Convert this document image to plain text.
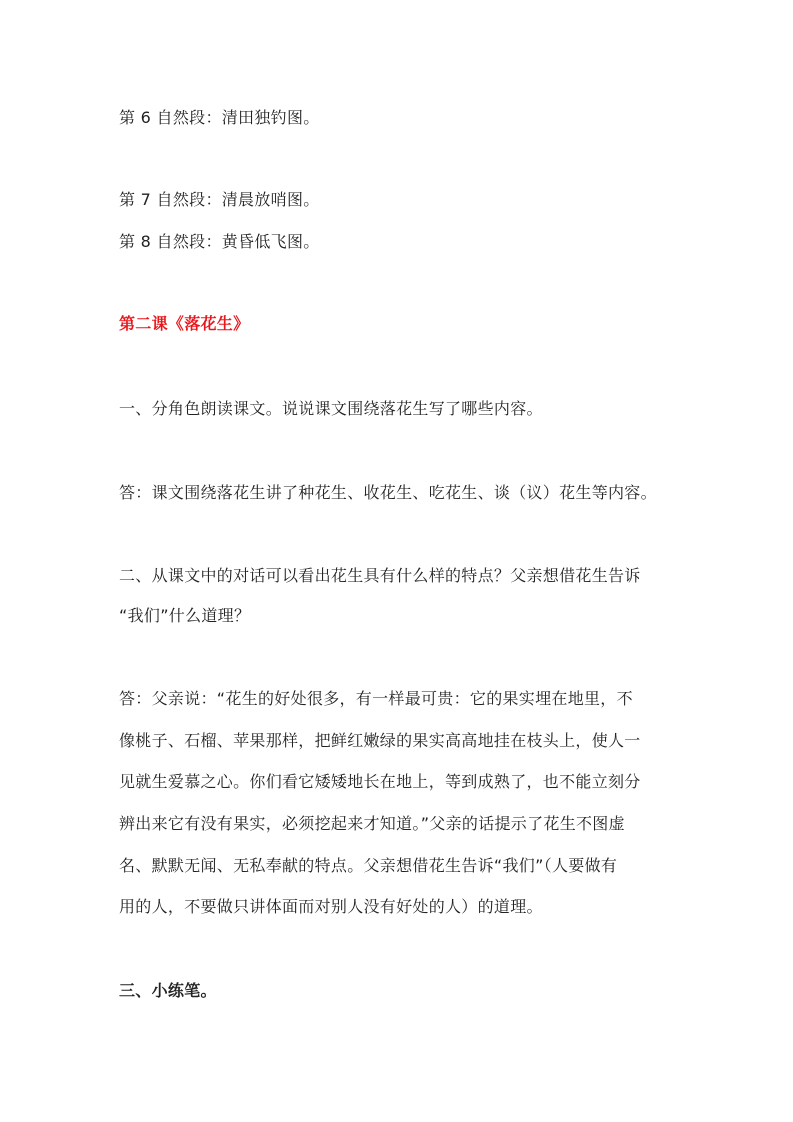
第 6 自然段：清田独钓图。
第 7 自然段：清晨放哨图。
第 8 自然段：黄昏低飞图。
第二课《落花生》
一、分角色朗读课文。说说课文围绕落花生写了哪些内容。
答：课文围绕落花生讲了种花生、收花生、吃花生、谈（议）花生等内容。
二、从课文中的对话可以看出花生具有什么样的特点？父亲想借花生告诉
“我们”什么道理？
答：父亲说：“花生的好处很多，有一样最可贵：它的果实埋在地里，不
像桃子、石榴、苹果那样，把鲜红嫩绿的果实高高地挂在枝头上，使人一
见就生爱慕之心。你们看它矮矮地长在地上，等到成熟了，也不能立刻分
辨出来它有没有果实，必须挖起来才知道。”父亲的话提示了花生不图虚
名、默默无闻、无私奉献的特点。父亲想借花生告诉“我们”（人要做有
用的人，不要做只讲体面而对别人没有好处的人）的道理。
三、小练笔。
